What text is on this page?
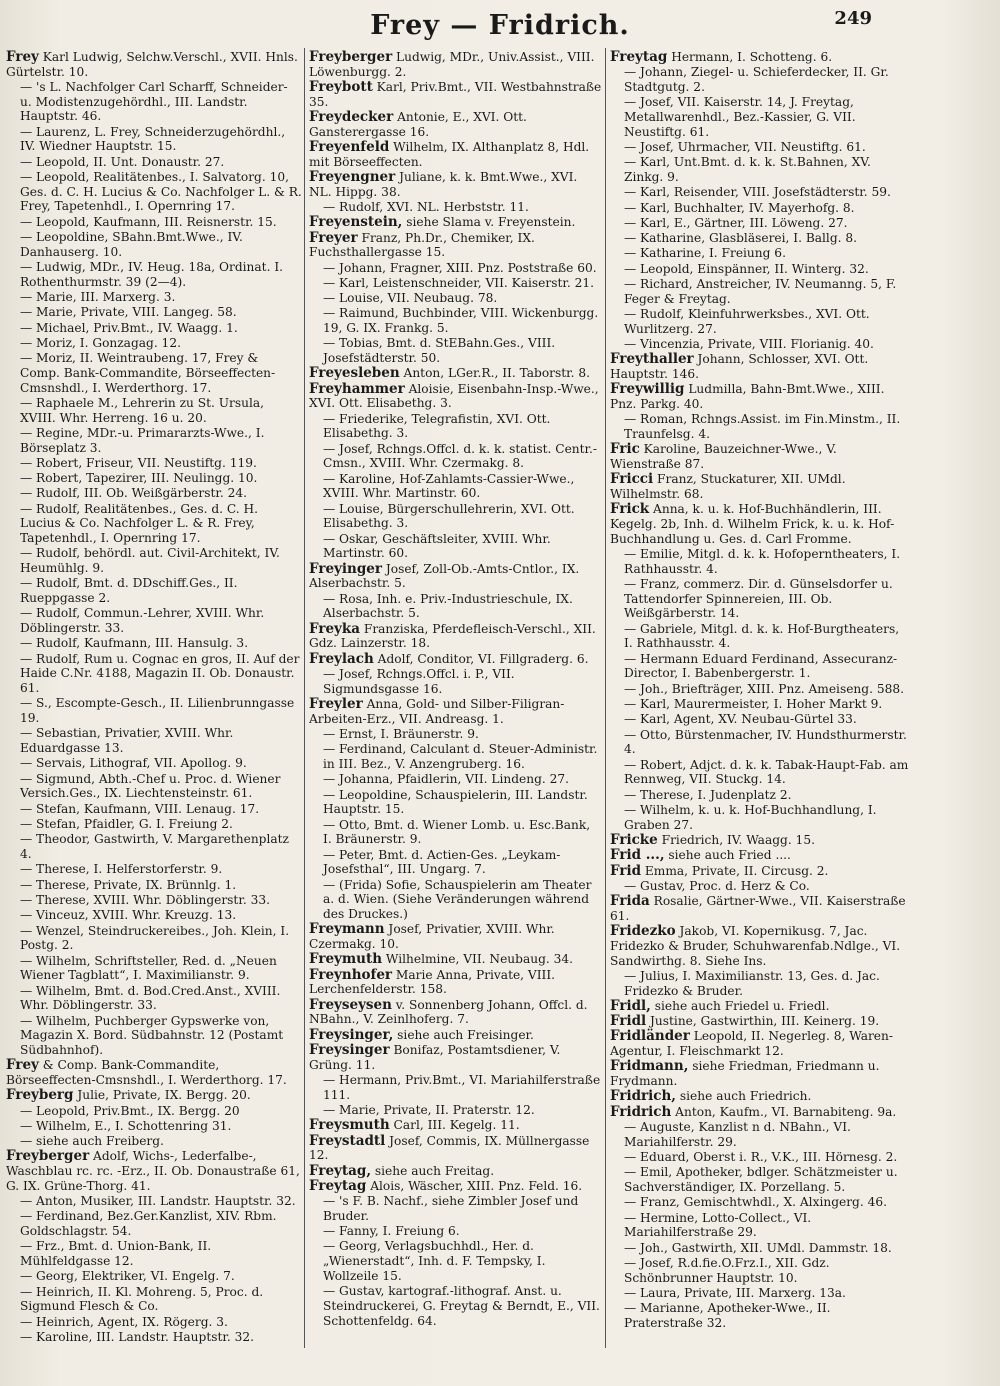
Frey — Fridrich.	249
Frey Karl Ludwig, Selchw.Verschl., XVII. Hnls. Gürtelstr. 10.
— 's L. Nachfolger Carl Scharff, Schneider- u. Modistenzugehördhl., III. Landstr. Hauptstr. 46.
— Laurenz, L. Frey, Schneiderzugehördhl., IV. Wiedner Hauptstr. 15.
— Leopold, II. Unt. Donaustr. 27.
— Leopold, Realitätenbes., I. Salvatorg. 10, Ges. d. C. H. Lucius & Co. Nachfolger L. & R. Frey, Tapetenhdl., I. Opernring 17.
— Leopold, Kaufmann, III. Reisnerstr. 15.
— Leopoldine, SBahn.Bmt.Wwe., IV. Danhauserg. 10.
— Ludwig, MDr., IV. Heug. 18a, Ordinat. I. Rothenthurmstr. 39 (2—4).
— Marie, III. Marxerg. 3.
— Marie, Private, VIII. Langeg. 58.
— Michael, Priv.Bmt., IV. Waagg. 1.
— Moriz, I. Gonzagag. 12.
— Moriz, II. Weintraubeng. 17, Frey & Comp. Bank-Commandite, Börseeffecten-Cmsnshdl., I. Werderthorg. 17.
— Raphaele M., Lehrerin zu St. Ursula, XVIII. Whr. Herreng. 16 u. 20.
— Regine, MDr.-u. Primararzts-Wwe., I. Börseplatz 3.
— Robert, Friseur, VII. Neustiftg. 119.
— Robert, Tapezirer, III. Neulingg. 10.
— Rudolf, III. Ob. Weißgärberstr. 24.
— Rudolf, Realitätenbes., Ges. d. C. H. Lucius & Co. Nachfolger L. & R. Frey, Tapetenhdl., I. Opernring 17.
— Rudolf, behördl. aut. Civil-Architekt, IV. Heumühlg. 9.
— Rudolf, Bmt. d. DDschiff.Ges., II. Rueppgasse 2.
— Rudolf, Commun.-Lehrer, XVIII. Whr. Döblingerstr. 33.
— Rudolf, Kaufmann, III. Hansulg. 3.
— Rudolf, Rum u. Cognac en gros, II. Auf der Haide C.Nr. 4188, Magazin II. Ob. Donaustr. 61.
— S., Escompte-Gesch., II. Lilienbrunngasse 19.
— Sebastian, Privatier, XVIII. Whr. Eduardgasse 13.
— Servais, Lithograf, VII. Apollog. 9.
— Sigmund, Abth.-Chef u. Proc. d. Wiener Versich.Ges., IX. Liechtensteinstr. 61.
— Stefan, Kaufmann, VIII. Lenaug. 17.
— Stefan, Pfaidler, G. I. Freiung 2.
— Theodor, Gastwirth, V. Margarethenplatz 4.
— Therese, I. Helferstorferstr. 9.
— Therese, Private, IX. Brünnlg. 1.
— Therese, XVIII. Whr. Döblingerstr. 33.
— Vinceuz, XVIII. Whr. Kreuzg. 13.
— Wenzel, Steindruckereibes., Joh. Klein, I. Postg. 2.
— Wilhelm, Schriftsteller, Red. d. „Neuen Wiener Tagblatt“, I. Maximilianstr. 9.
— Wilhelm, Bmt. d. Bod.Cred.Anst., XVIII. Whr. Döblingerstr. 33.
— Wilhelm, Puchberger Gypswerke von, Magazin X. Bord. Südbahnstr. 12 (Postamt Südbahnhof).
Frey & Comp. Bank-Commandite, Börseeffecten-Cmsnshdl., I. Werderthorg. 17.
Freyberg Julie, Private, IX. Bergg. 20.
— Leopold, Priv.Bmt., IX. Bergg. 20
— Wilhelm, E., I. Schottenring 31.
— siehe auch Freiberg.
Freyberger Adolf, Wichs-, Lederfalbe-, Waschblau rc. rc. -Erz., II. Ob. Donaustraße 61, G. IX. Grüne-Thorg. 41.
— Anton, Musiker, III. Landstr. Hauptstr. 32.
— Ferdinand, Bez.Ger.Kanzlist, XIV. Rbm. Goldschlagstr. 54.
— Frz., Bmt. d. Union-Bank, II. Mühlfeldgasse 12.
— Georg, Elektriker, VI. Engelg. 7.
— Heinrich, II. Kl. Mohreng. 5, Proc. d. Sigmund Flesch & Co.
— Heinrich, Agent, IX. Rögerg. 3.
— Karoline, III. Landstr. Hauptstr. 32.
Freyberger Ludwig, MDr., Univ.Assist., VIII. Löwenburgg. 2.
Freybott Karl, Priv.Bmt., VII. Westbahnstraße 35.
Freydecker Antonie, E., XVI. Ott. Gansterergasse 16.
Freyenfeld Wilhelm, IX. Althanplatz 8, Hdl. mit Börseeffecten.
Freyengner Juliane, k. k. Bmt.Wwe., XVI. NL. Hippg. 38.
— Rudolf, XVI. NL. Herbststr. 11.
Freyenstein, siehe Slama v. Freyenstein.
Freyer Franz, Ph.Dr., Chemiker, IX. Fuchsthallergasse 15.
— Johann, Fragner, XIII. Pnz. Poststraße 60.
— Karl, Leistenschneider, VII. Kaiserstr. 21.
— Louise, VII. Neubaug. 78.
— Raimund, Buchbinder, VIII. Wickenburgg. 19, G. IX. Frankg. 5.
— Tobias, Bmt. d. StEBahn.Ges., VIII. Josefstädterstr. 50.
Freyesleben Anton, LGer.R., II. Taborstr. 8.
Freyhammer Aloisie, Eisenbahn-Insp.-Wwe., XVI. Ott. Elisabethg. 3.
— Friederike, Telegrafistin, XVI. Ott. Elisabethg. 3.
— Josef, Rchngs.Offcl. d. k. k. statist. Centr.-Cmsn., XVIII. Whr. Czermakg. 8.
— Karoline, Hof-Zahlamts-Cassier-Wwe., XVIII. Whr. Martinstr. 60.
— Louise, Bürgerschullehrerin, XVI. Ott. Elisabethg. 3.
— Oskar, Geschäftsleiter, XVIII. Whr. Martinstr. 60.
Freyinger Josef, Zoll-Ob.-Amts-Cntlor., IX. Alserbachstr. 5.
— Rosa, Inh. e. Priv.-Industrieschule, IX. Alserbachstr. 5.
Freyka Franziska, Pferdefleisch-Verschl., XII. Gdz. Lainzerstr. 18.
Freylach Adolf, Conditor, VI. Fillgraderg. 6.
— Josef, Rchngs.Offcl. i. P., VII. Sigmundsgasse 16.
Freyler Anna, Gold- und Silber-Filigran-Arbeiten-Erz., VII. Andreasg. 1.
— Ernst, I. Bräunerstr. 9.
— Ferdinand, Calculant d. Steuer-Administr. in III. Bez., V. Anzengruberg. 16.
— Johanna, Pfaidlerin, VII. Lindeng. 27.
— Leopoldine, Schauspielerin, III. Landstr. Hauptstr. 15.
— Otto, Bmt. d. Wiener Lomb. u. Esc.Bank, I. Bräunerstr. 9.
— Peter, Bmt. d. Actien-Ges. „Leykam-Josefsthal“, III. Ungarg. 7.
— (Frida) Sofie, Schauspielerin am Theater a. d. Wien. (Siehe Veränderungen während des Druckes.)
Freymann Josef, Privatier, XVIII. Whr. Czermakg. 10.
Freymuth Wilhelmine, VII. Neubaug. 34.
Freynhofer Marie Anna, Private, VIII. Lerchenfelderstr. 158.
Freyseysen v. Sonnenberg Johann, Offcl. d. NBahn., V. Zeinlhoferg. 7.
Freysinger, siehe auch Freisinger.
Freysinger Bonifaz, Postamtsdiener, V. Grüng. 11.
— Hermann, Priv.Bmt., VI. Mariahilferstraße 111.
— Marie, Private, II. Praterstr. 12.
Freysmuth Carl, III. Kegelg. 11.
Freystadtl Josef, Commis, IX. Müllnergasse 12.
Freytag, siehe auch Freitag.
Freytag Alois, Wäscher, XIII. Pnz. Feld. 16.
— 's F. B. Nachf., siehe Zimbler Josef und Bruder.
— Fanny, I. Freiung 6.
— Georg, Verlagsbuchhdl., Her. d. „Wienerstadt“, Inh. d. F. Tempsky, I. Wollzeile 15.
— Gustav, kartograf.-lithograf. Anst. u. Steindruckerei, G. Freytag & Berndt, E., VII. Schottenfeldg. 64.
Freytag Hermann, I. Schotteng. 6.
— Johann, Ziegel- u. Schieferdecker, II. Gr. Stadtgutg. 2.
— Josef, VII. Kaiserstr. 14, J. Freytag, Metallwarenhdl., Bez.-Kassier, G. VII. Neustiftg. 61.
— Josef, Uhrmacher, VII. Neustiftg. 61.
— Karl, Unt.Bmt. d. k. k. St.Bahnen, XV. Zinkg. 9.
— Karl, Reisender, VIII. Josefstädterstr. 59.
— Karl, Buchhalter, IV. Mayerhofg. 8.
— Karl, E., Gärtner, III. Löweng. 27.
— Katharine, Glasbläserei, I. Ballg. 8.
— Katharine, I. Freiung 6.
— Leopold, Einspänner, II. Winterg. 32.
— Richard, Anstreicher, IV. Neumanng. 5, F. Feger & Freytag.
— Rudolf, Kleinfuhrwerksbes., XVI. Ott. Wurlitzerg. 27.
— Vincenzia, Private, VIII. Florianig. 40.
Freythaller Johann, Schlosser, XVI. Ott. Hauptstr. 146.
Freywillig Ludmilla, Bahn-Bmt.Wwe., XIII. Pnz. Parkg. 40.
— Roman, Rchngs.Assist. im Fin.Minstm., II. Traunfelsg. 4.
Fric Karoline, Bauzeichner-Wwe., V. Wienstraße 87.
Fricci Franz, Stuckaturer, XII. UMdl. Wilhelmstr. 68.
Frick Anna, k. u. k. Hof-Buchhändlerin, III. Kegelg. 2b, Inh. d. Wilhelm Frick, k. u. k. Hof-Buchhandlung u. Ges. d. Carl Fromme.
— Emilie, Mitgl. d. k. k. Hofoperntheaters, I. Rathhausstr. 4.
— Franz, commerz. Dir. d. Günselsdorfer u. Tattendorfer Spinnereien, III. Ob. Weißgärberstr. 14.
— Gabriele, Mitgl. d. k. k. Hof-Burgtheaters, I. Rathhausstr. 4.
— Hermann Eduard Ferdinand, Assecuranz-Director, I. Babenbergerstr. 1.
— Joh., Briefträger, XIII. Pnz. Ameiseng. 588.
— Karl, Maurermeister, I. Hoher Markt 9.
— Karl, Agent, XV. Neubau-Gürtel 33.
— Otto, Bürstenmacher, IV. Hundsthurmerstr. 4.
— Robert, Adjct. d. k. k. Tabak-Haupt-Fab. am Rennweg, VII. Stuckg. 14.
— Therese, I. Judenplatz 2.
— Wilhelm, k. u. k. Hof-Buchhandlung, I. Graben 27.
Fricke Friedrich, IV. Waagg. 15.
Frid ..., siehe auch Fried ....
Frid Emma, Private, II. Circusg. 2.
— Gustav, Proc. d. Herz & Co.
Frida Rosalie, Gärtner-Wwe., VII. Kaiserstraße 61.
Fridezko Jakob, VI. Kopernikusg. 7, Jac. Fridezko & Bruder, Schuhwarenfab.Ndlge., VI. Sandwirthg. 8. Siehe Ins.
— Julius, I. Maximilianstr. 13, Ges. d. Jac. Fridezko & Bruder.
Fridl, siehe auch Friedel u. Friedl.
Fridl Justine, Gastwirthin, III. Keinerg. 19.
Fridländer Leopold, II. Negerleg. 8, Waren-Agentur, I. Fleischmarkt 12.
Fridmann, siehe Friedman, Friedmann u. Frydmann.
Fridrich, siehe auch Friedrich.
Fridrich Anton, Kaufm., VI. Barnabiteng. 9a.
— Auguste, Kanzlist n d. NBahn., VI. Mariahilferstr. 29.
— Eduard, Oberst i. R., V.K., III. Hörnesg. 2.
— Emil, Apotheker, bdlger. Schätzmeister u. Sachverständiger, IX. Porzellang. 5.
— Franz, Gemischtwhdl., X. Alxingerg. 46.
— Hermine, Lotto-Collect., VI. Mariahilferstraße 29.
— Joh., Gastwirth, XII. UMdl. Dammstr. 18.
— Josef, R.d.fie.O.Frz.I., XII. Gdz. Schönbrunner Hauptstr. 10.
— Laura, Private, III. Marxerg. 13a.
— Marianne, Apotheker-Wwe., II. Praterstraße 32.
